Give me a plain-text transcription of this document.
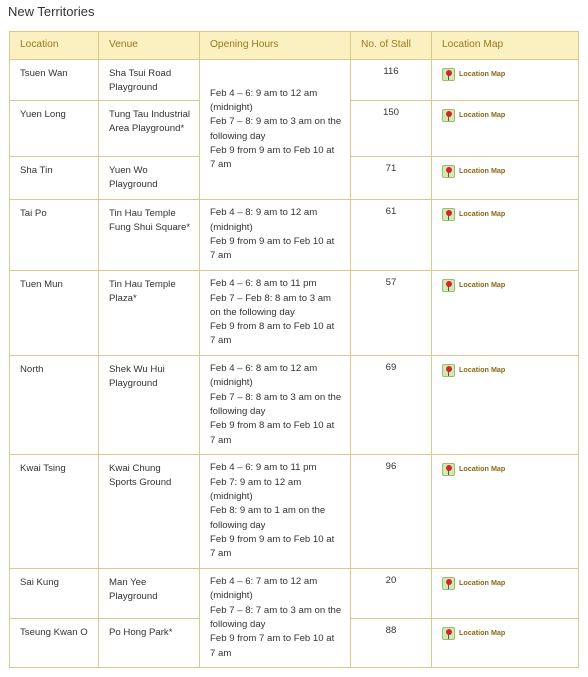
New Territories
Location	Venue	Opening Hours	No. of Stall	Location Map
Tsuen Wan	Sha Tsui Road Playground	Feb 4 – 6: 9 am to 12 am (midnight)
Feb 7 – 8: 9 am to 3 am on the following day
Feb 9 from 9 am to Feb 10 at 7 am	116	Location Map

Yuen Long	Tung Tau Industrial Area Playground*		150	Location Map

Sha Tin	Yuen Wo Playground		71	Location Map

Tai Po	Tin Hau Temple Fung Shui Square*	Feb 4 – 8: 9 am to 12 am (midnight)
Feb 9 from 9 am to Feb 10 at 7 am	61	Location Map

Tuen Mun	Tin Hau Temple Plaza*	Feb 4 – 6: 8 am to 11 pm
Feb 7 – Feb 8: 8 am to 3 am on the following day
Feb 9 from 8 am to Feb 10 at 7 am	57	Location Map

North	Shek Wu Hui Playground	Feb 4 – 6: 8 am to 12 am (midnight)
Feb 7 – 8: 8 am to 3 am on the following day
Feb 9 from 8 am to Feb 10 at 7 am	69	Location Map

Kwai Tsing	Kwai Chung Sports Ground	Feb 4 – 6: 9 am to 11 pm
Feb 7: 9 am to 12 am (midnight)
Feb 8: 9 am to 1 am on the following day
Feb 9 from 9 am to Feb 10 at 7 am	96	Location Map

Sai Kung	Man Yee Playground	Feb 4 – 6: 7 am to 12 am (midnight)
Feb 7 – 8: 7 am to 3 am on the following day
Feb 9 from 7 am to Feb 10 at 7 am	20	Location Map

Tseung Kwan O	Po Hong Park*		88	Location Map
